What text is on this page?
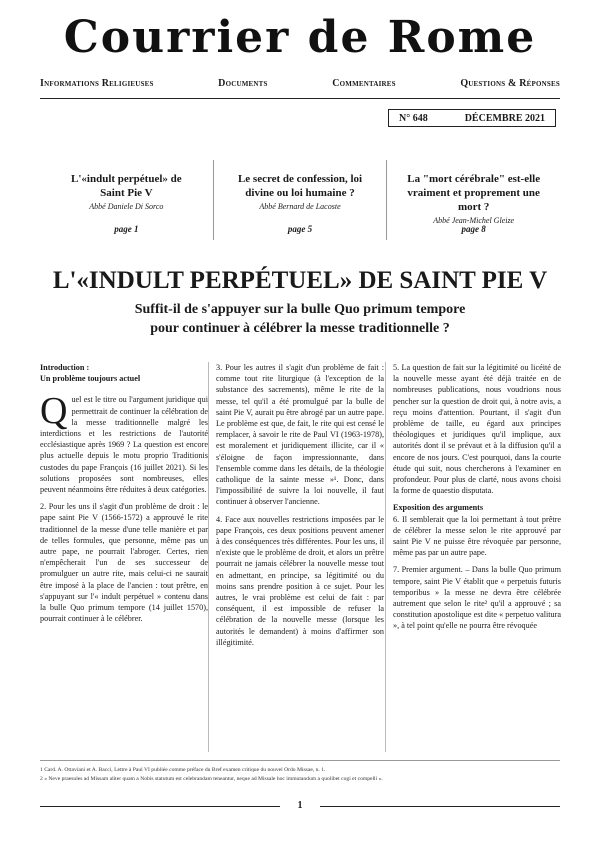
Courrier de Rome
Informations Religieuses	Documents	Commentaires	Questions & Réponses
N° 648	DÉCEMBRE 2021
L'«indult perpétuel» de Saint Pie V
Abbé Daniele Di Sorco
page 1
Le secret de confession, loi divine ou loi humaine ?
Abbé Bernard de Lacoste
page 5
La "mort cérébrale" est-elle vraiment et proprement une mort ?
Abbé Jean-Michel Gleize
page 8
L'«INDULT PERPÉTUEL» DE SAINT PIE V
Suffit-il de s'appuyer sur la bulle Quo primum tempore
pour continuer à célébrer la messe traditionnelle ?

Introduction :

Un problème toujours actuel

Quel est le titre ou l'argument juridique qui permettrait de continuer la célébration de la messe traditionnelle malgré les interdictions et les restrictions de l'autorité ecclésiastique après 1969 ? La question est encore plus actuelle depuis le motu proprio Traditionis custodes du pape François (16 juillet 2021). Si les solutions proposées sont nombreuses, elles peuvent néanmoins être réduites à deux catégories.

2. Pour les uns il s'agit d'un problème de droit : le pape saint Pie V (1566-1572) a approuvé le rite traditionnel de la messe d'une telle manière et par de telles formules, que personne, même pas un autre pape, ne pourrait l'abroger. Certes, rien n'empêcherait l'un de ses successeur de promulguer un autre rite, mais celui-ci ne saurait être imposé à la place de l'ancien : tout prêtre, en s'appuyant sur l'« indult perpétuel » contenu dans la bulle Quo primum tempore (14 juillet 1570), pourrait continuer à le célébrer.

3. Pour les autres il s'agit d'un problème de fait : comme tout rite liturgique (à l'exception de la substance des sacrements), même le rite de la messe, tel qu'il a été promulgué par la bulle de saint Pie V, aurait pu être abrogé par un autre pape. Le problème est que, de fait, le rite qui est censé le remplacer, à savoir le rite de Paul VI (1963-1978), est moralement et juridiquement illicite, car il « s'éloigne de façon impressionnante, dans l'ensemble comme dans les détails, de la théologie catholique de la sainte messe »¹. Donc, dans l'impossibilité de suivre la loi nouvelle, il faut continuer à observer l'ancienne.

4. Face aux nouvelles restrictions imposées par le pape François, ces deux positions peuvent amener à des conséquences très différentes. Pour les uns, il n'existe que le problème de droit, et alors un prêtre pourrait ne jamais célébrer la nouvelle messe tout en admettant, en principe, sa légitimité ou du moins sans prendre position à ce sujet. Pour les autres, le vrai problème est celui de fait : par conséquent, il est impossible de refuser la célébration de la nouvelle messe (lorsque les autorités le demandent) à moins d'affirmer son illégitimité.

5. La question de fait sur la légitimité ou licéité de la nouvelle messe ayant été déjà traitée en de nombreuses publications, nous voudrions nous pencher sur la question de droit qui, à notre avis, a reçu moins d'attention. Pourtant, il s'agit d'un problème de taille, eu égard aux principes théologiques et juridiques qu'il implique, aux autorités dont il se prévaut et à la diffusion qu'il a encore de nos jours. C'est pourquoi, dans la courte étude qui suit, nous chercherons à l'examiner en profondeur. Pour plus de clarté, nous avons choisi la forme de quaestio disputata.

Exposition des arguments

6. Il semblerait que la loi permettant à tout prêtre de célébrer la messe selon le rite approuvé par saint Pie V ne puisse être révoquée par personne, même pas par un autre pape.

7. Premier argument. – Dans la bulle Quo primum tempore, saint Pie V établit que « perpetuis futuris temporibus » la messe ne devra être célébrée autrement que selon le rite² qu'il a approuvé ; sa constitution apostolique est dite « perpetuo valitura », à tel point qu'elle ne pourra être révoquée

1 Card. A. Ottaviani et A. Bacci, Lettre à Paul VI publiée comme préface du Bref examen critique du nouvel Ordo Missae, n. 1.
2 « Neve praesules ad Missam aliter quam a Nobis statutum est celebrandam teneantur, neque ad Missale hoc immutandum a quolibet cogi et compelli ».
1
